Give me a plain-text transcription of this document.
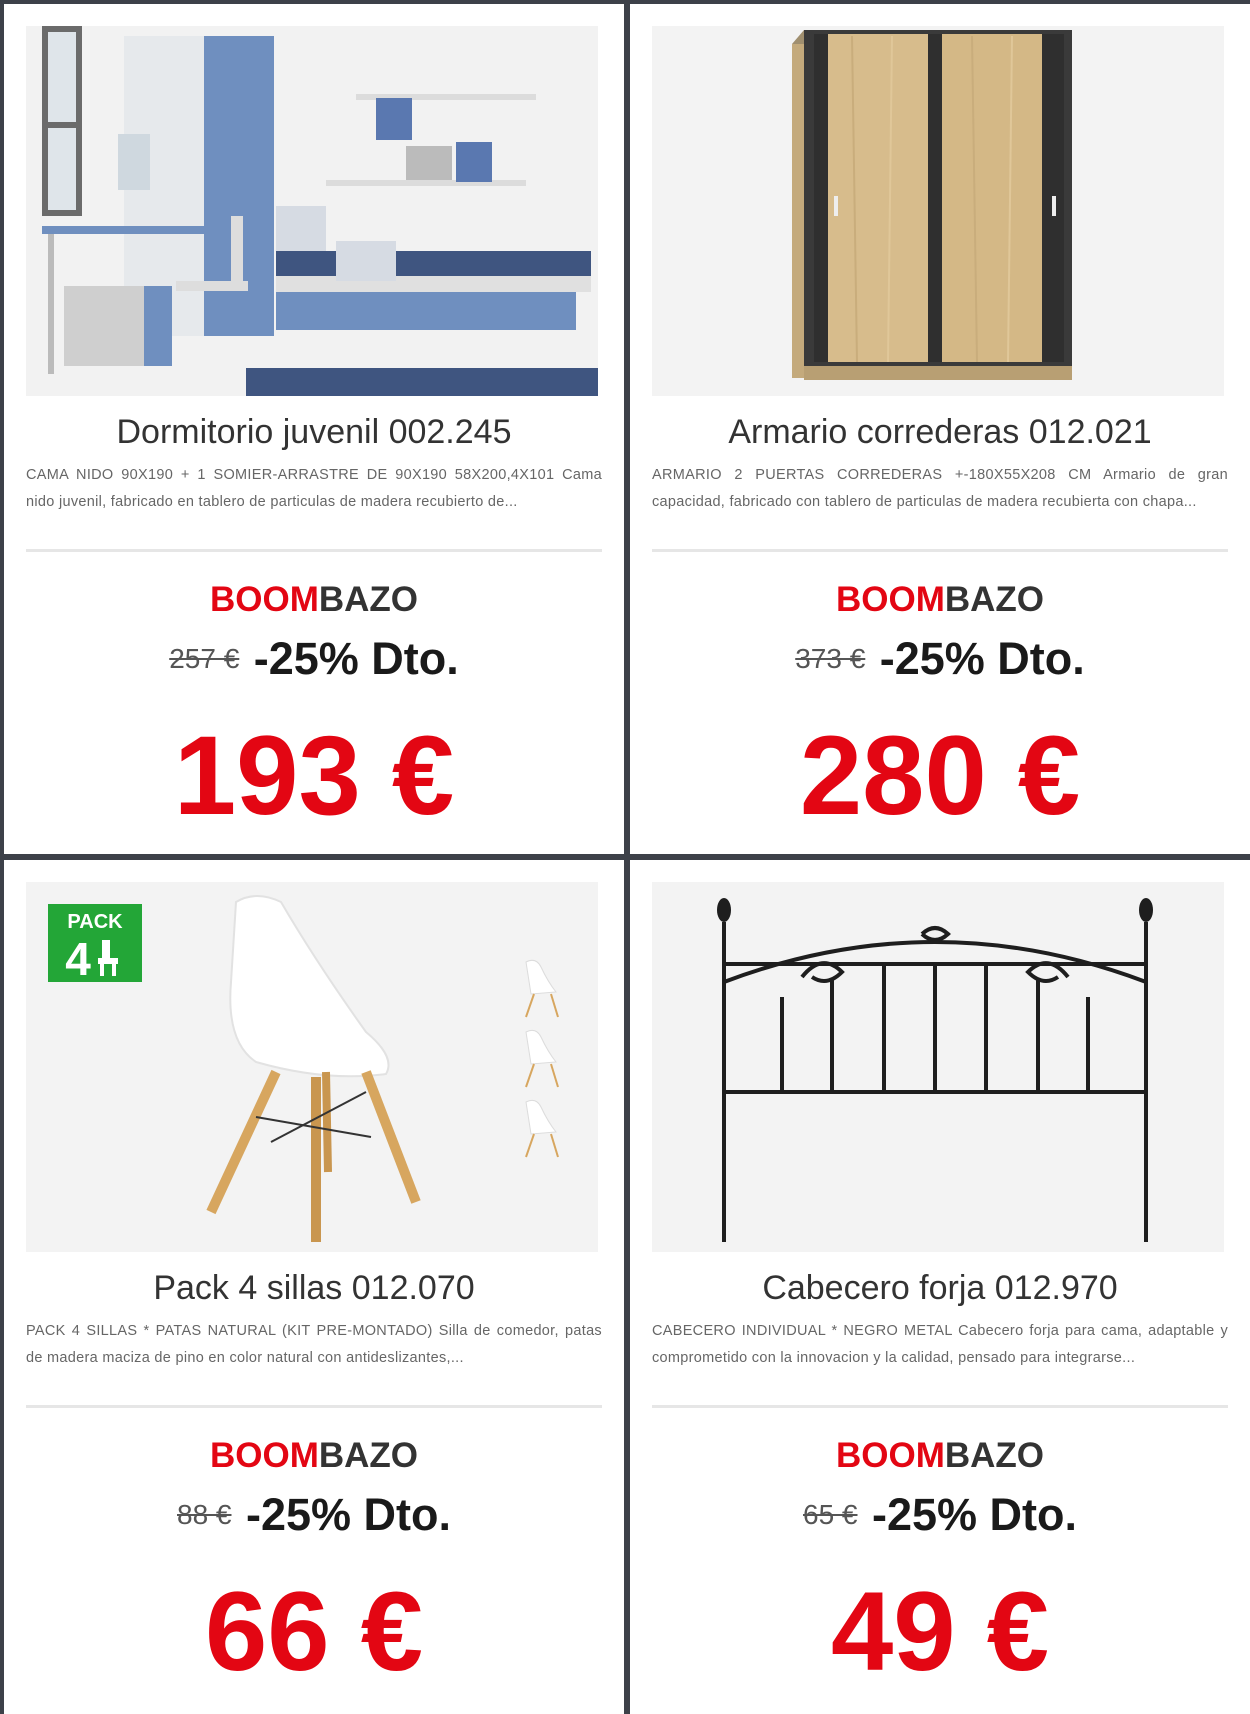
Dormitorio juvenil 002.245
CAMA NIDO 90X190 + 1 SOMIER-ARRASTRE DE 90X190 58X200,4X101 Cama nido juvenil, fabricado en tablero de particulas de madera recubierto de...
BOOMBAZO
257 € -25% Dto.
193 €
Armario correderas 012.021
ARMARIO 2 PUERTAS CORREDERAS +-180X55X208 CM Armario de gran capacidad, fabricado con tablero de particulas de madera recubierta con chapa...
BOOMBAZO
373 € -25% Dto.
280 €
PACK
4
Pack 4 sillas 012.070
PACK 4 SILLAS * PATAS NATURAL (KIT PRE-MONTADO) Silla de comedor, patas de madera maciza de pino en color natural con antideslizantes,...
BOOMBAZO
88 € -25% Dto.
66 €
Cabecero forja 012.970
CABECERO INDIVIDUAL * NEGRO METAL Cabecero forja para cama, adaptable y comprometido con la innovacion y la calidad, pensado para integrarse...
BOOMBAZO
65 € -25% Dto.
49 €
